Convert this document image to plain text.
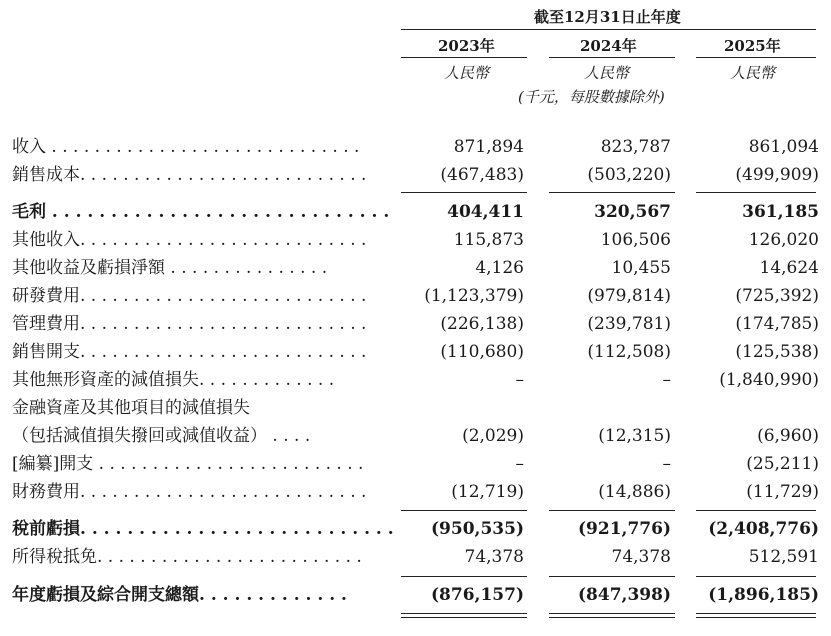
截至12月31日止年度
2023年	2024年	2025年
人民幣	人民幣	人民幣
(千元，每股數據除外)
收入 . . . . . . . . . . . . . . . . . . . . . . . . . . . . .	871,894	823,787	861,094
銷售成本. . . . . . . . . . . . . . . . . . . . . . . . . . .	(467,483)	(503,220)	(499,909)
毛利 . . . . . . . . . . . . . . . . . . . . . . . . . . . . .	404,411	320,567	361,185
其他收入. . . . . . . . . . . . . . . . . . . . . . . . . . .	115,873	106,506	126,020
其他收益及虧損淨額 . . . . . . . . . . . . . . .	4,126	10,455	14,624
研發費用. . . . . . . . . . . . . . . . . . . . . . . . . . .	(1,123,379)	(979,814)	(725,392)
管理費用. . . . . . . . . . . . . . . . . . . . . . . . . . .	(226,138)	(239,781)	(174,785)
銷售開支. . . . . . . . . . . . . . . . . . . . . . . . . . .	(110,680)	(112,508)	(125,538)
其他無形資產的減值損失. . . . . . . . . . . . .	–	–	(1,840,990)
金融資產及其他項目的減值損失
（包括減值損失撥回或減值收益） . . . .	(2,029)	(12,315)	(6,960)
[編纂]開支 . . . . . . . . . . . . . . . . . . . . . . . . .	–	–	(25,211)
財務費用. . . . . . . . . . . . . . . . . . . . . . . . . . .	(12,719)	(14,886)	(11,729)
稅前虧損. . . . . . . . . . . . . . . . . . . . . . . . . . . (950,535)	(921,776) (2,408,776)
所得稅抵免. . . . . . . . . . . . . . . . . . . . . . . . .	74,378	74,378	512,591
年度虧損及綜合開支總額. . . . . . . . . . . . .	(876,157)	(847,398) (1,896,185)
